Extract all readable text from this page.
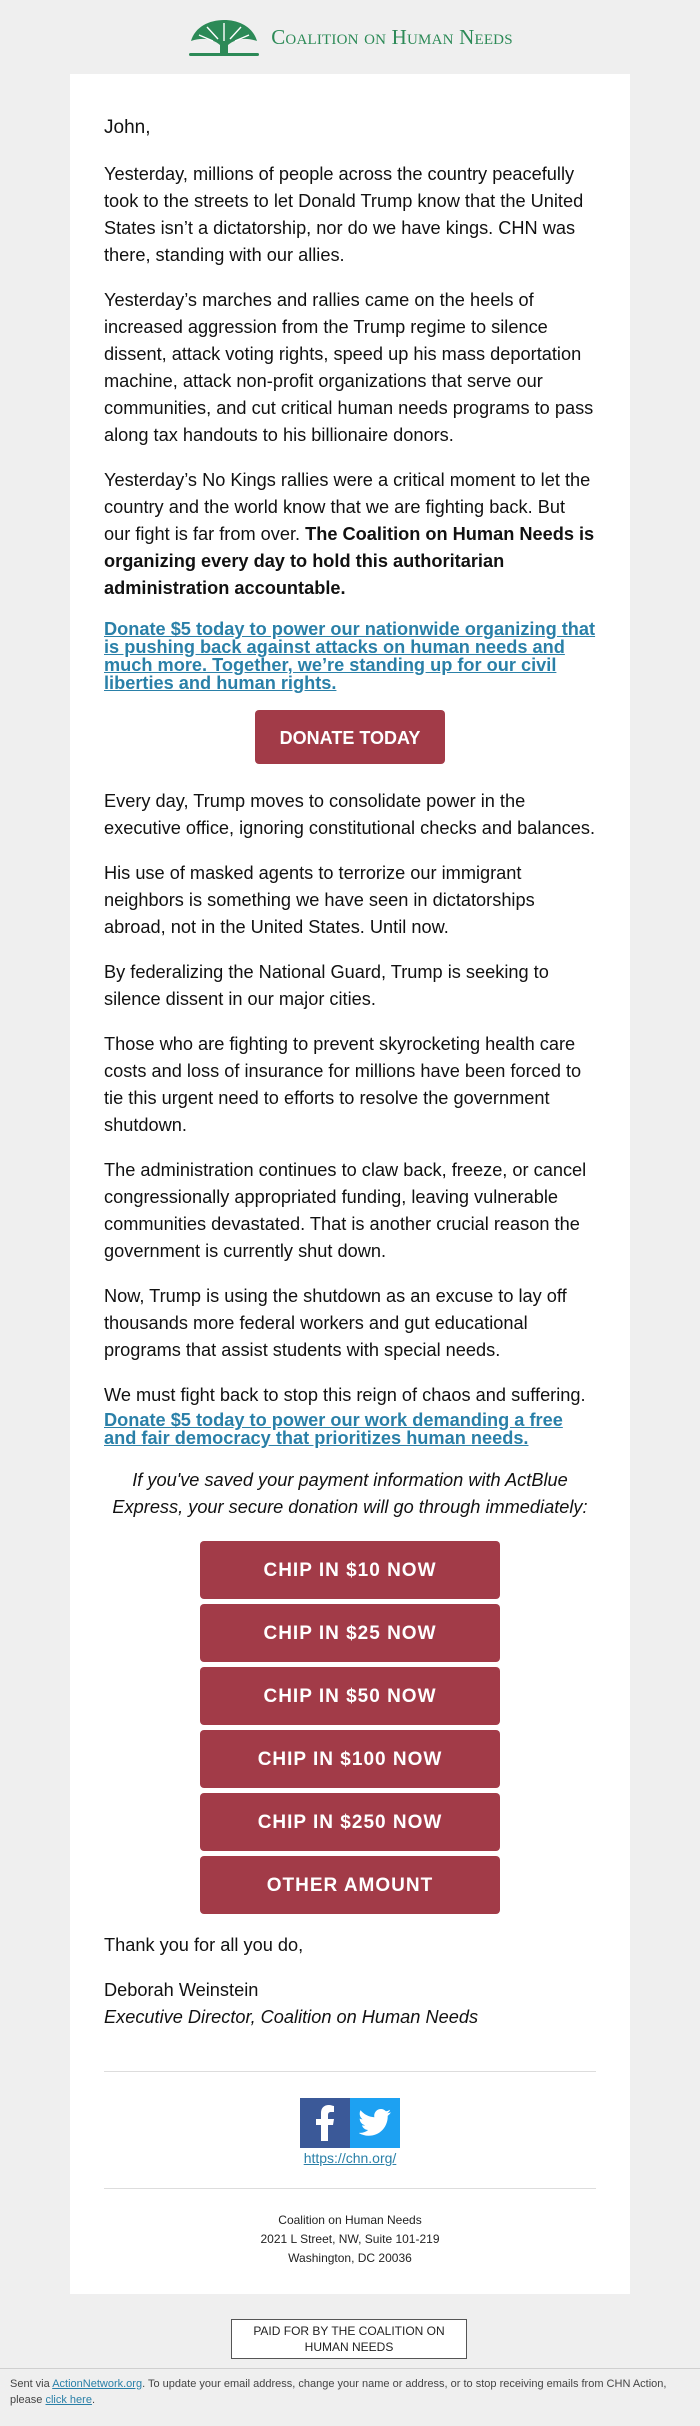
Coalition on Human Needs

John,

Yesterday, millions of people across the country peacefully took to the streets to let Donald Trump know that the United States isn’t a dictatorship, nor do we have kings. CHN was there, standing with our allies.

Yesterday’s marches and rallies came on the heels of increased aggression from the Trump regime to silence dissent, attack voting rights, speed up his mass deportation machine, attack non-profit organizations that serve our communities, and cut critical human needs programs to pass along tax handouts to his billionaire donors.

Yesterday’s No Kings rallies were a critical moment to let the country and the world know that we are fighting back. But our fight is far from over. The Coalition on Human Needs is organizing every day to hold this authoritarian administration accountable.

Donate $5 today to power our nationwide organizing that is pushing back against attacks on human needs and much more. Together, we’re standing up for our civil liberties and human rights.
DONATE TODAY

Every day, Trump moves to consolidate power in the executive office, ignoring constitutional checks and balances.

His use of masked agents to terrorize our immigrant neighbors is something we have seen in dictatorships abroad, not in the United States. Until now.

By federalizing the National Guard, Trump is seeking to silence dissent in our major cities.

Those who are fighting to prevent skyrocketing health care costs and loss of insurance for millions have been forced to tie this urgent need to efforts to resolve the government shutdown.

The administration continues to claw back, freeze, or cancel congressionally appropriated funding, leaving vulnerable communities devastated. That is another crucial reason the government is currently shut down.

Now, Trump is using the shutdown as an excuse to lay off thousands more federal workers and gut educational programs that assist students with special needs.

We must fight back to stop this reign of chaos and suffering.

Donate $5 today to power our work demanding a free and fair democracy that prioritizes human needs.

If you've saved your payment information with ActBlue Express, your secure donation will go through immediately:

CHIP IN $10 NOW
CHIP IN $25 NOW
CHIP IN $50 NOW
CHIP IN $100 NOW
CHIP IN $250 NOW
OTHER AMOUNT

Thank you for all you do,

Deborah Weinstein
Executive Director, Coalition on Human Needs
https://chn.org/
Coalition on Human Needs
2021 L Street, NW, Suite 101-219
Washington, DC 20036
PAID FOR BY THE COALITION ON HUMAN NEEDS
Sent via ActionNetwork.org. To update your email address, change your name or address, or to stop receiving emails from CHN Action, please click here.
